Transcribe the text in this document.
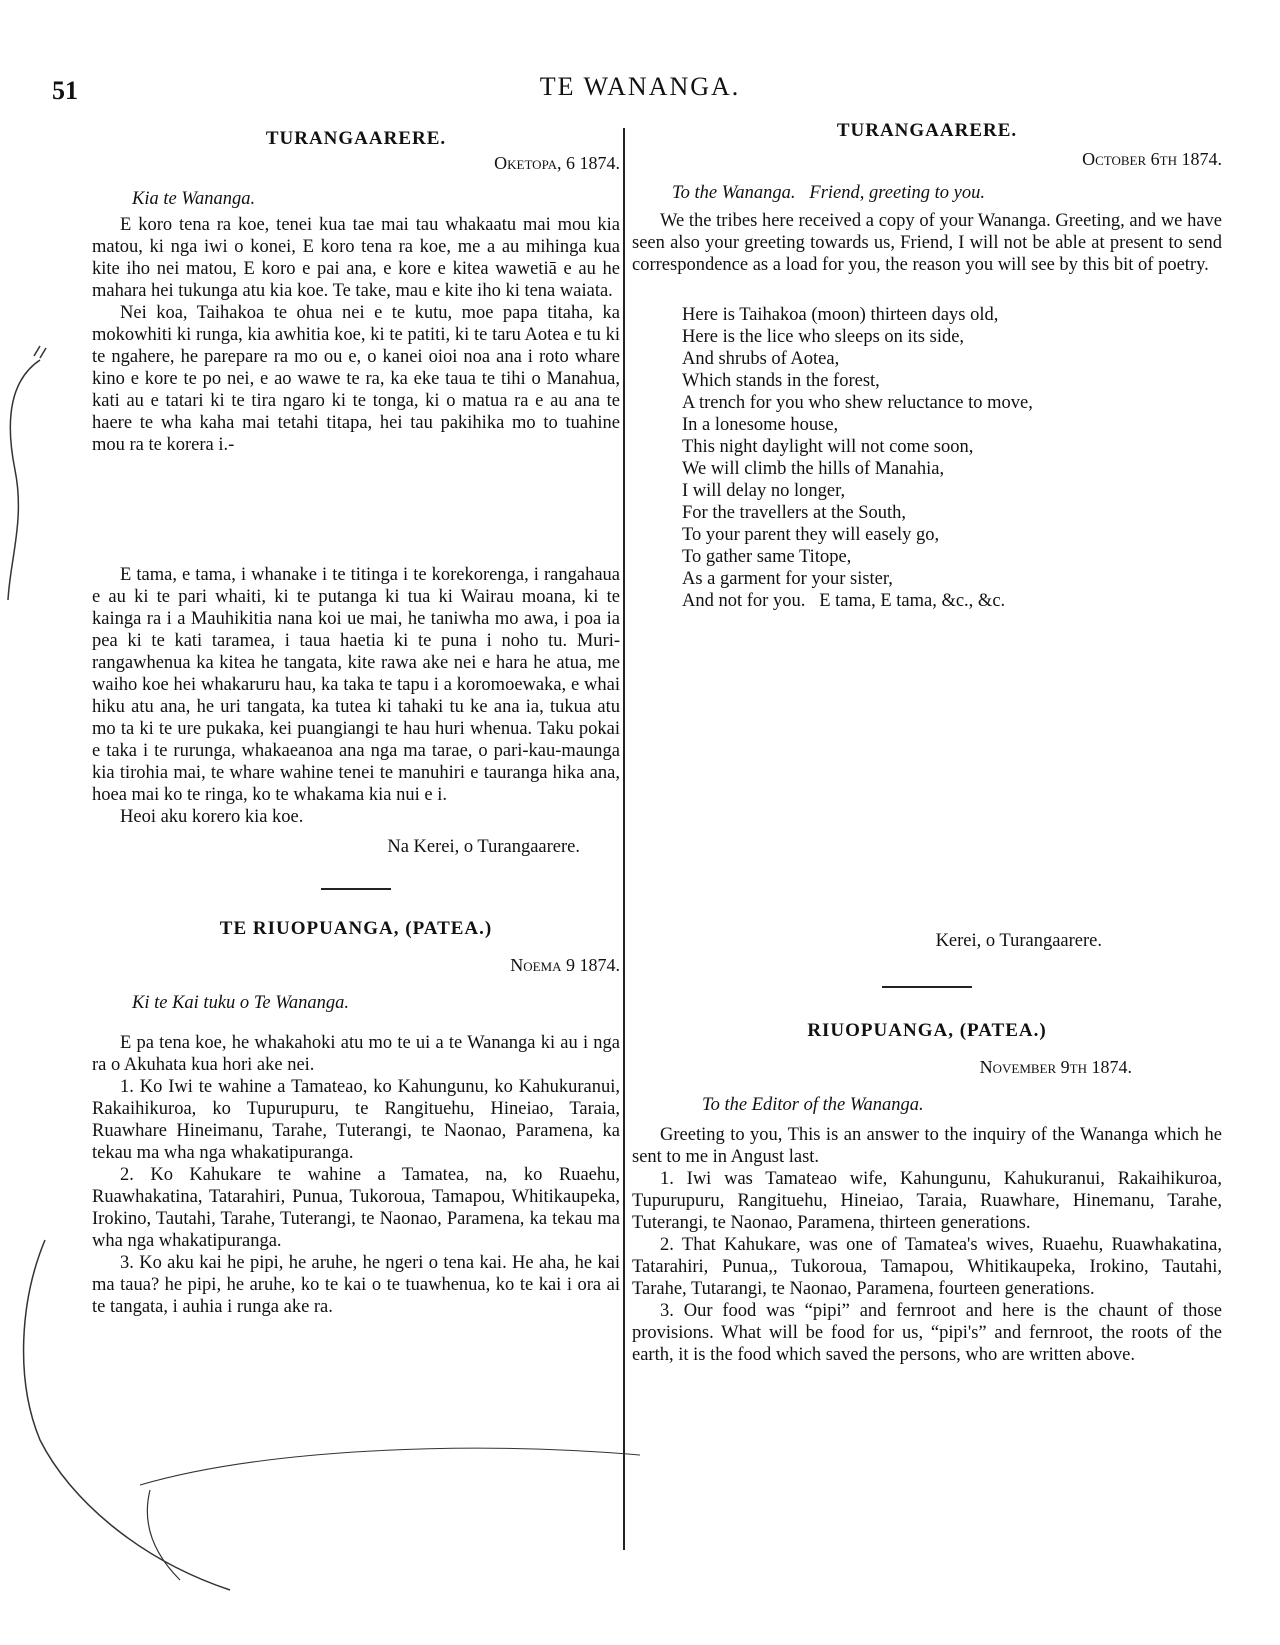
51	TE WANANGA.
TURANGAARERE.
Oketopa, 6 1874.
Kia te Wananga.

E koro tena ra koe, tenei kua tae mai tau whakaatu mai mou kia matou, ki nga iwi o konei, E koro tena ra koe, me a au mihinga kua kite iho nei matou, E koro e pai ana, e kore e kitea wawetiā e au he mahara hei tukunga atu kia koe. Te take, mau e kite iho ki tena waiata.

Nei koa, Taihakoa te ohua nei e te kutu, moe papa titaha, ka mokowhiti ki runga, kia awhitia koe, ki te patiti, ki te taru Aotea e tu ki te ngahere, he parepare ra mo ou e, o kanei oioi noa ana i roto whare kino e kore te po nei, e ao wawe te ra, ka eke taua te tihi o Manahua, kati au e tatari ki te tira ngaro ki te tonga, ki o matua ra e au ana te haere te wha kaha mai tetahi titapa, hei tau pakihika mo to tuahine mou ra te korera i.-

E tama, e tama, i whanake i te titinga i te korekorenga, i rangahaua e au ki te pari whaiti, ki te putanga ki tua ki Wairau moana, ki te kainga ra i a Mauhikitia nana koi ue mai, he taniwha mo awa, i poa ia pea ki te kati taramea, i taua haetia ki te puna i noho tu. Muri-rangawhenua ka kitea he tangata, kite rawa ake nei e hara he atua, me waiho koe hei whakaruru hau, ka taka te tapu i a koromoewaka, e whai hiku atu ana, he uri tangata, ka tutea ki tahaki tu ke ana ia, tukua atu mo ta ki te ure pukaka, kei puangiangi te hau huri whenua. Taku pokai e taka i te rurunga, whakaeanoa ana nga ma tarae, o pari-kau-maunga kia tirohia mai, te whare wahine tenei te manuhiri e tauranga hika ana, hoea mai ko te ringa, ko te whakama kia nui e i.

Heoi aku korero kia koe.

Na Kerei, o Turangaarere.
TE RIUOPUANGA, (PATEA.)
Noema 9 1874.
Ki te Kai tuku o Te Wananga.

E pa tena koe, he whakahoki atu mo te ui a te Wananga ki au i nga ra o Akuhata kua hori ake nei.

1. Ko Iwi te wahine a Tamateao, ko Kahungunu, ko Kahukuranui, Rakaihikuroa, ko Tupurupuru, te Rangituehu, Hineiao, Taraia, Ruawhare Hineimanu, Tarahe, Tuterangi, te Naonao, Paramena, ka tekau ma wha nga whakatipuranga.

2. Ko Kahukare te wahine a Tamatea, na, ko Ruaehu, Ruawhakatina, Tatarahiri, Punua, Tukoroua, Tamapou, Whitikaupeka, Irokino, Tautahi, Tarahe, Tuterangi, te Naonao, Paramena, ka tekau ma wha nga whakatipuranga.

3. Ko aku kai he pipi, he aruhe, he ngeri o tena kai. He aha, he kai ma taua? he pipi, he aruhe, ko te kai o te tuawhenua, ko te kai i ora ai te tangata, i auhia i runga ake ra.

TURANGAARERE.
October 6th 1874.
To the Wananga.   Friend, greeting to you.

We the tribes here received a copy of your Wananga. Greeting, and we have seen also your greeting towards us, Friend, I will not be able at present to send correspondence as a load for you, the reason you will see by this bit of poetry.

Here is Taihakoa (moon) thirteen days old,
Here is the lice who sleeps on its side,
And shrubs of Aotea,
Which stands in the forest,
A trench for you who shew reluctance to move,
In a lonesome house,
This night daylight will not come soon,
We will climb the hills of Manahia,
I will delay no longer,
For the travellers at the South,
To your parent they will easely go,
To gather same Titope,
As a garment for your sister,
And not for you.   E tama, E tama, &c., &c.
Kerei, o Turangaarere.
RIUOPUANGA, (PATEA.)
November 9th 1874.
To the Editor of the Wananga.

Greeting to you, This is an answer to the inquiry of the Wananga which he sent to me in Angust last.

1. Iwi was Tamateao wife, Kahungunu, Kahukuranui, Rakaihikuroa, Tupurupuru, Rangituehu, Hineiao, Taraia, Ruawhare, Hinemanu, Tarahe, Tuterangi, te Naonao, Paramena, thirteen generations.

2. That Kahukare, was one of Tamatea's wives, Ruaehu, Ruawhakatina, Tatarahiri, Punua,, Tukoroua, Tamapou, Whitikaupeka, Irokino, Tautahi, Tarahe, Tutarangi, te Naonao, Paramena, fourteen generations.

3. Our food was “pipi” and fernroot and here is the chaunt of those provisions. What will be food for us, “pipi's” and fernroot, the roots of the earth, it is the food which saved the persons, who are written above.
